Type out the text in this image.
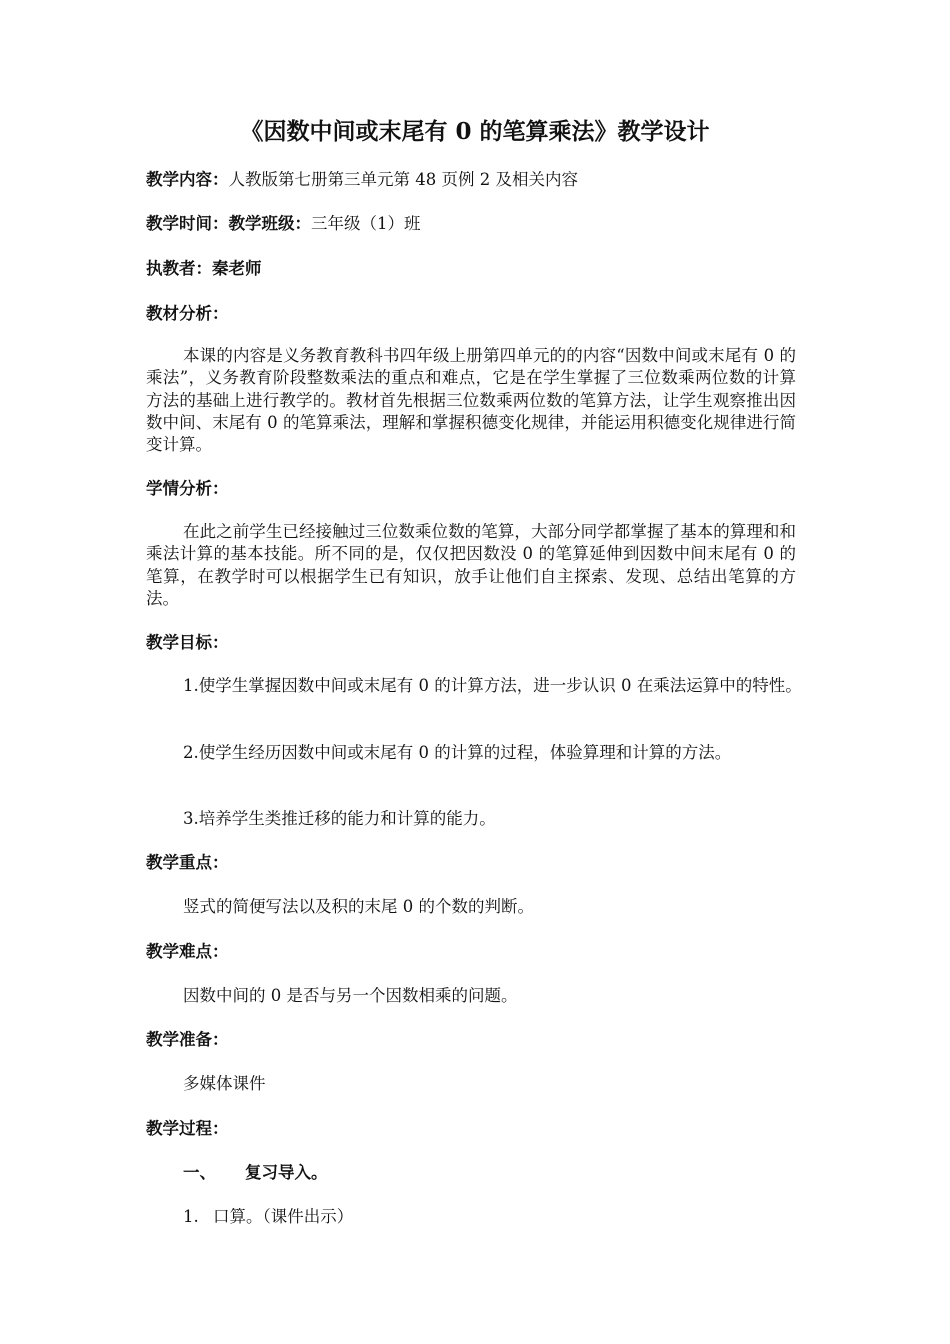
《因数中间或末尾有 0 的笔算乘法》教学设计

教学内容：人教版第七册第三单元第 48 页例 2 及相关内容

教学时间：教学班级：三年级（1）班

执教者：秦老师

教材分析：

本课的内容是义务教育教科书四年级上册第四单元的的内容“因数中间或末尾有 0 的乘法”，义务教育阶段整数乘法的重点和难点，它是在学生掌握了三位数乘两位数的计算方法的基础上进行教学的。教材首先根据三位数乘两位数的笔算方法，让学生观察推出因数中间、末尾有 0 的笔算乘法，理解和掌握积德变化规律，并能运用积德变化规律进行简变计算。

学情分析：

在此之前学生已经接触过三位数乘位数的笔算，大部分同学都掌握了基本的算理和和乘法计算的基本技能。所不同的是，仅仅把因数没 0 的笔算延伸到因数中间末尾有 0 的笔算，在教学时可以根据学生已有知识，放手让他们自主探索、发现、总结出笔算的方法。

教学目标：

1.使学生掌握因数中间或末尾有 0 的计算方法，进一步认识 0 在乘法运算中的特性。

2.使学生经历因数中间或末尾有 0 的计算的过程，体验算理和计算的方法。

3.培养学生类推迁移的能力和计算的能力。

教学重点：

竖式的简便写法以及积的末尾 0 的个数的判断。

教学难点：

因数中间的 0 是否与另一个因数相乘的问题。

教学准备：

多媒体课件

教学过程：

一、 复习导入。

1. 口算。（课件出示）
